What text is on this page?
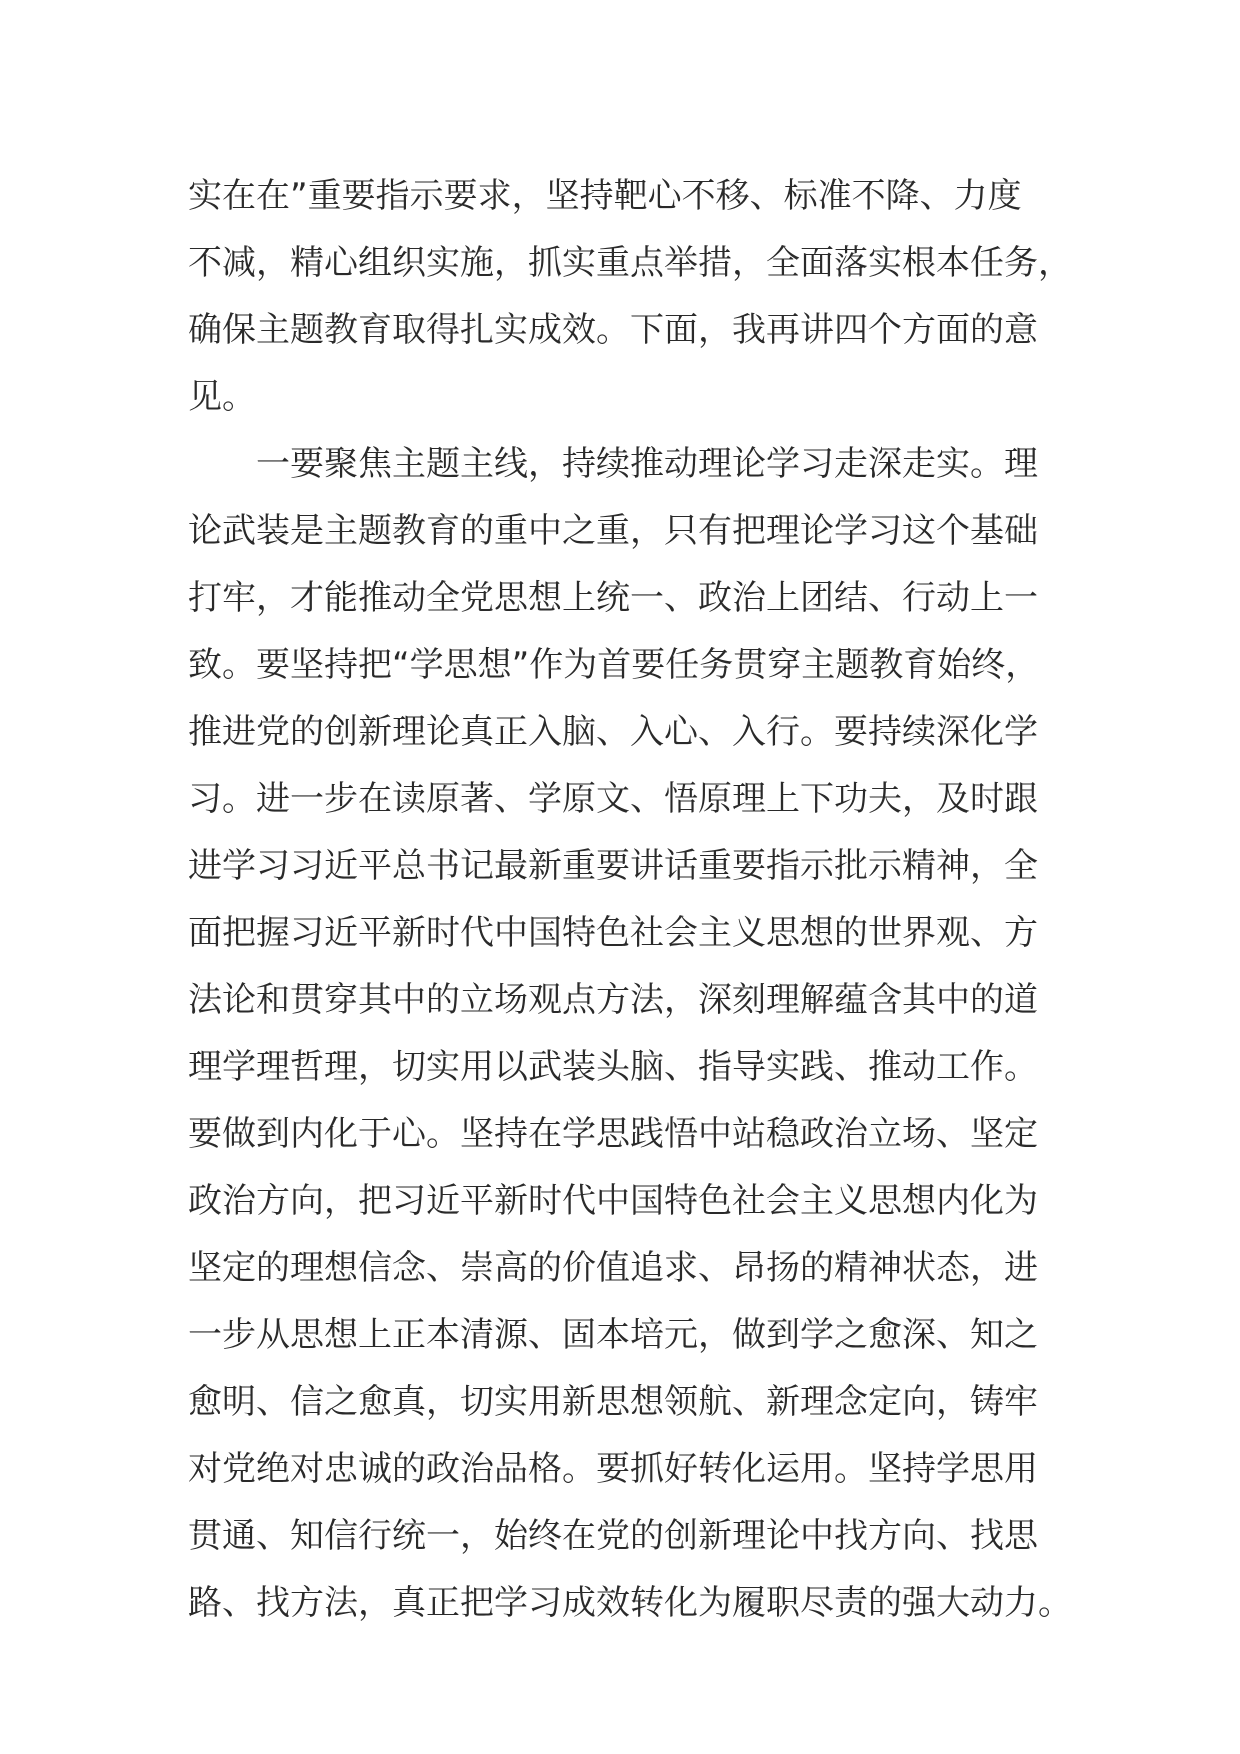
实在在”重要指示要求，坚持靶心不移、标准不降、力度
不减，精心组织实施，抓实重点举措，全面落实根本任务，
确保主题教育取得扎实成效。下面，我再讲四个方面的意
见。
一要聚焦主题主线，持续推动理论学习走深走实。理
论武装是主题教育的重中之重，只有把理论学习这个基础
打牢，才能推动全党思想上统一、政治上团结、行动上一
致。要坚持把“学思想”作为首要任务贯穿主题教育始终，
推进党的创新理论真正入脑、入心、入行。要持续深化学
习。进一步在读原著、学原文、悟原理上下功夫，及时跟
进学习习近平总书记最新重要讲话重要指示批示精神，全
面把握习近平新时代中国特色社会主义思想的世界观、方
法论和贯穿其中的立场观点方法，深刻理解蕴含其中的道
理学理哲理，切实用以武装头脑、指导实践、推动工作。
要做到内化于心。坚持在学思践悟中站稳政治立场、坚定
政治方向，把习近平新时代中国特色社会主义思想内化为
坚定的理想信念、崇高的价值追求、昂扬的精神状态，进
一步从思想上正本清源、固本培元，做到学之愈深、知之
愈明、信之愈真，切实用新思想领航、新理念定向，铸牢
对党绝对忠诚的政治品格。要抓好转化运用。坚持学思用
贯通、知信行统一，始终在党的创新理论中找方向、找思
路、找方法，真正把学习成效转化为履职尽责的强大动力。
